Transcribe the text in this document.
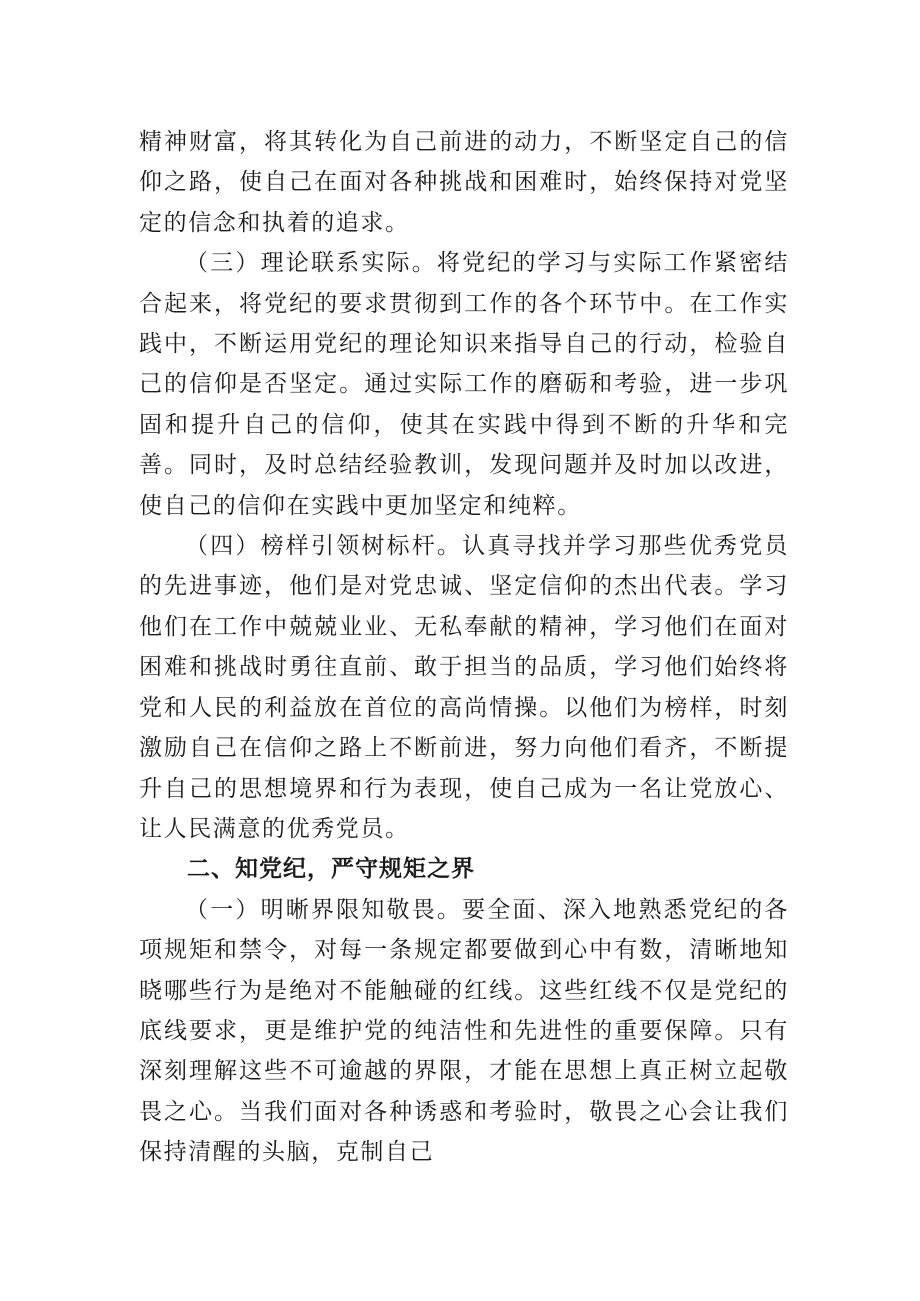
精神财富，将其转化为自己前进的动力，不断坚定自己的信仰之路，使自己在面对各种挑战和困难时，始终保持对党坚定的信念和执着的追求。

（三）理论联系实际。将党纪的学习与实际工作紧密结合起来，将党纪的要求贯彻到工作的各个环节中。在工作实践中，不断运用党纪的理论知识来指导自己的行动，检验自己的信仰是否坚定。通过实际工作的磨砺和考验，进一步巩固和提升自己的信仰，使其在实践中得到不断的升华和完善。同时，及时总结经验教训，发现问题并及时加以改进，使自己的信仰在实践中更加坚定和纯粹。

（四）榜样引领树标杆。认真寻找并学习那些优秀党员的先进事迹，他们是对党忠诚、坚定信仰的杰出代表。学习他们在工作中兢兢业业、无私奉献的精神，学习他们在面对困难和挑战时勇往直前、敢于担当的品质，学习他们始终将党和人民的利益放在首位的高尚情操。以他们为榜样，时刻激励自己在信仰之路上不断前进，努力向他们看齐，不断提升自己的思想境界和行为表现，使自己成为一名让党放心、让人民满意的优秀党员。

二、知党纪，严守规矩之界

（一）明晰界限知敬畏。要全面、深入地熟悉党纪的各项规矩和禁令，对每一条规定都要做到心中有数，清晰地知晓哪些行为是绝对不能触碰的红线。这些红线不仅是党纪的底线要求，更是维护党的纯洁性和先进性的重要保障。只有深刻理解这些不可逾越的界限，才能在思想上真正树立起敬畏之心。当我们面对各种诱惑和考验时，敬畏之心会让我们保持清醒的头脑，克制自己
